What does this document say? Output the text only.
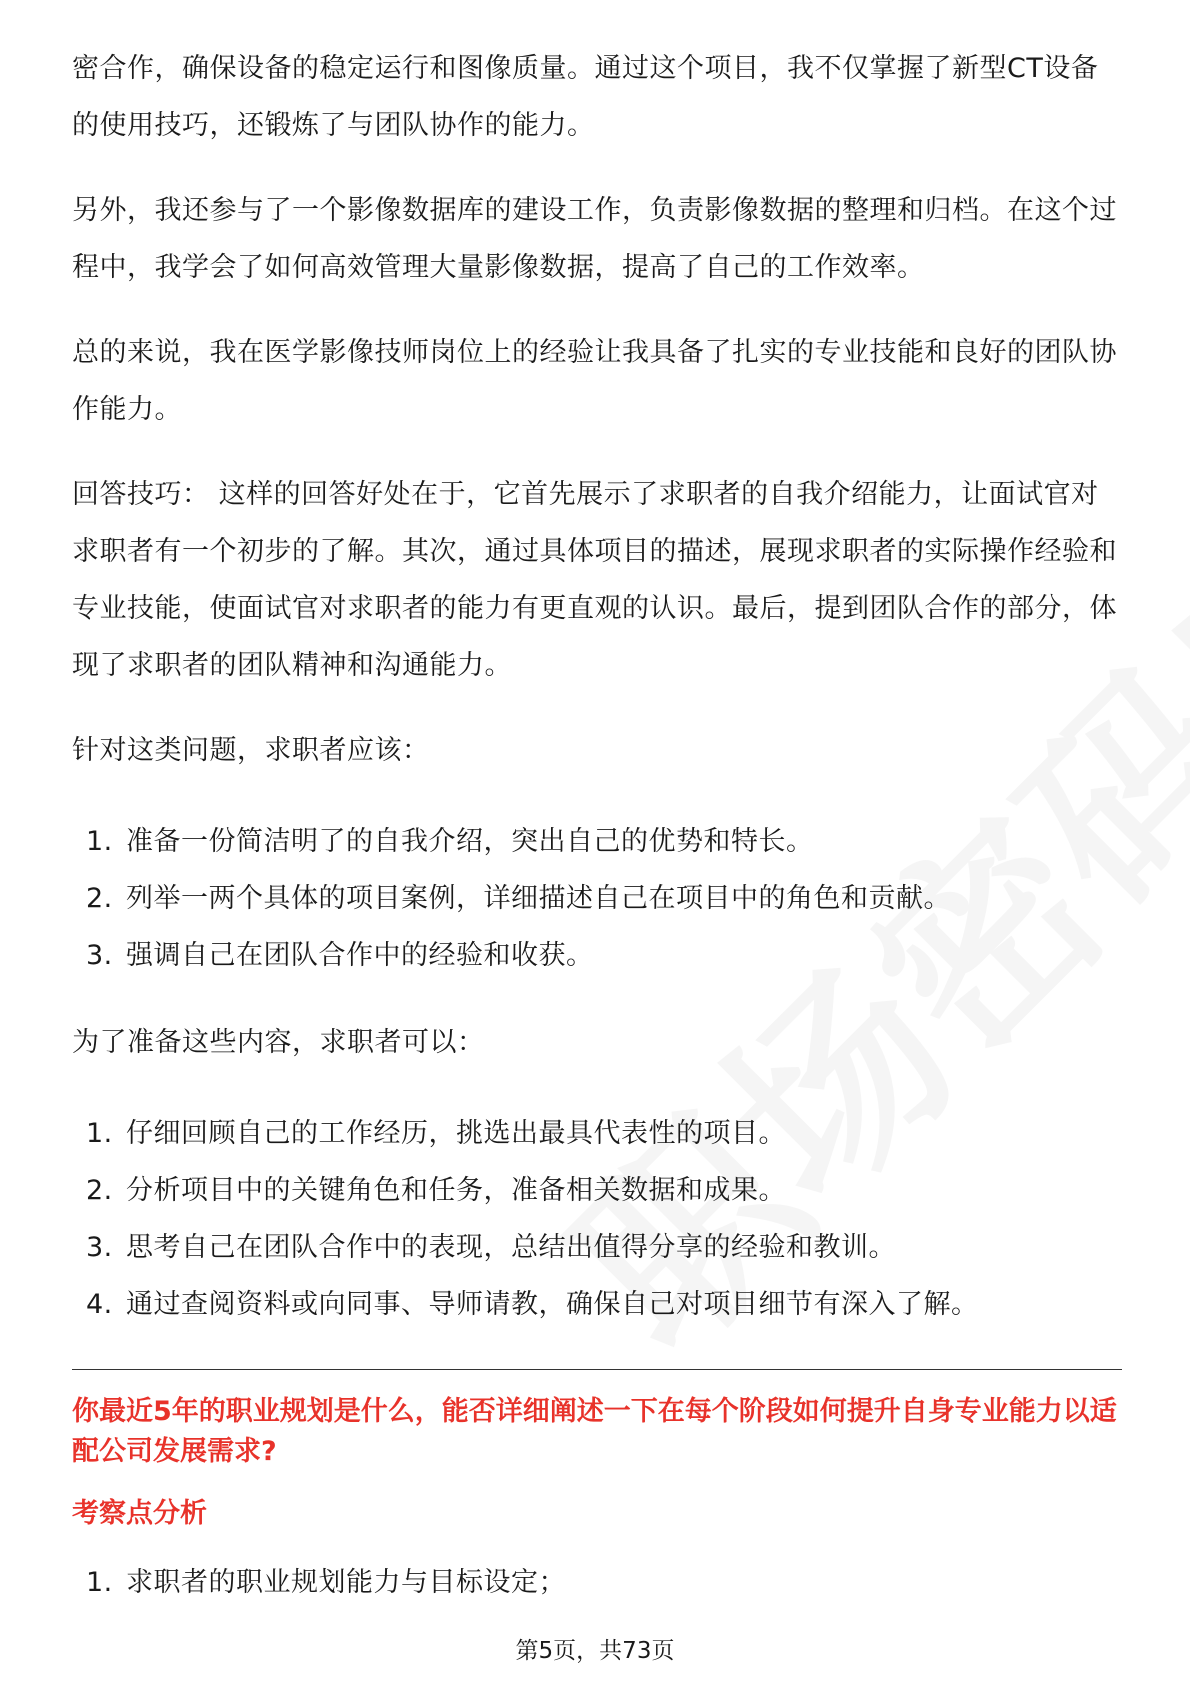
密合作，确保设备的稳定运行和图像质量。通过这个项目，我不仅掌握了新型CT设备的使用技巧，还锻炼了与团队协作的能力。

另外，我还参与了一个影像数据库的建设工作，负责影像数据的整理和归档。在这个过程中，我学会了如何高效管理大量影像数据，提高了自己的工作效率。

总的来说，我在医学影像技师岗位上的经验让我具备了扎实的专业技能和良好的团队协作能力。

回答技巧： 这样的回答好处在于，它首先展示了求职者的自我介绍能力，让面试官对求职者有一个初步的了解。其次，通过具体项目的描述，展现求职者的实际操作经验和专业技能，使面试官对求职者的能力有更直观的认识。最后，提到团队合作的部分，体现了求职者的团队精神和沟通能力。

针对这类问题，求职者应该：

1. 准备一份简洁明了的自我介绍，突出自己的优势和特长。
2. 列举一两个具体的项目案例，详细描述自己在项目中的角色和贡献。
3. 强调自己在团队合作中的经验和收获。

为了准备这些内容，求职者可以：

1. 仔细回顾自己的工作经历，挑选出最具代表性的项目。
2. 分析项目中的关键角色和任务，准备相关数据和成果。
3. 思考自己在团队合作中的表现，总结出值得分享的经验和教训。
4. 通过查阅资料或向同事、导师请教，确保自己对项目细节有深入了解。

你最近5年的职业规划是什么，能否详细阐述一下在每个阶段如何提升自身专业能力以适配公司发展需求?

考察点分析

1. 求职者的职业规划能力与目标设定；
第5页，共73页
